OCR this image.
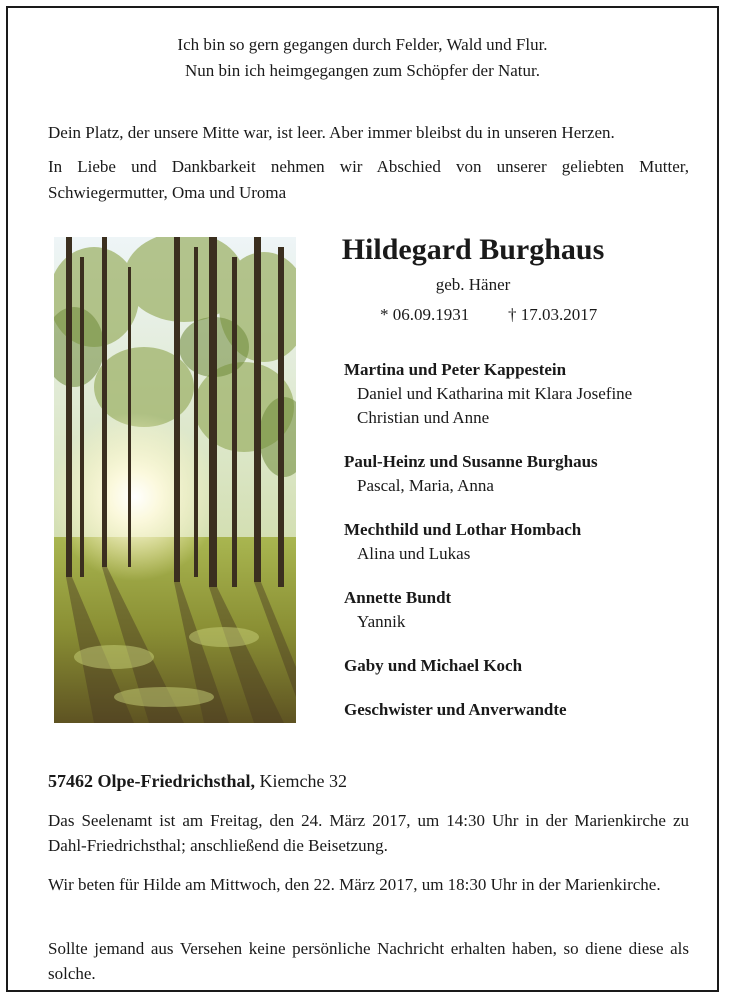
Ich bin so gern gegangen durch Felder, Wald und Flur.
Nun bin ich heimgegangen zum Schöpfer der Natur.
Dein Platz, der unsere Mitte war, ist leer. Aber immer bleibst du in unseren Herzen.
In Liebe und Dankbarkeit nehmen wir Abschied von unserer geliebten Mutter, Schwiegermutter, Oma und Uroma
Hildegard Burghaus
geb. Häner
* 06.09.1931 † 17.03.2017
Martina und Peter Kappestein
Daniel und Katharina mit Klara Josefine
Christian und Anne
Paul-Heinz und Susanne Burghaus
Pascal, Maria, Anna
Mechthild und Lothar Hombach
Alina und Lukas
Annette Bundt
Yannik
Gaby und Michael Koch
Geschwister und Anverwandte
57462 Olpe-Friedrichsthal, Kiemche 32
Das Seelenamt ist am Freitag, den 24. März 2017, um 14:30 Uhr in der Marienkirche zu Dahl-Friedrichsthal; anschließend die Beisetzung.
Wir beten für Hilde am Mittwoch, den 22. März 2017, um 18:30 Uhr in der Marienkirche.
Sollte jemand aus Versehen keine persönliche Nachricht erhalten haben, so diene diese als solche.
